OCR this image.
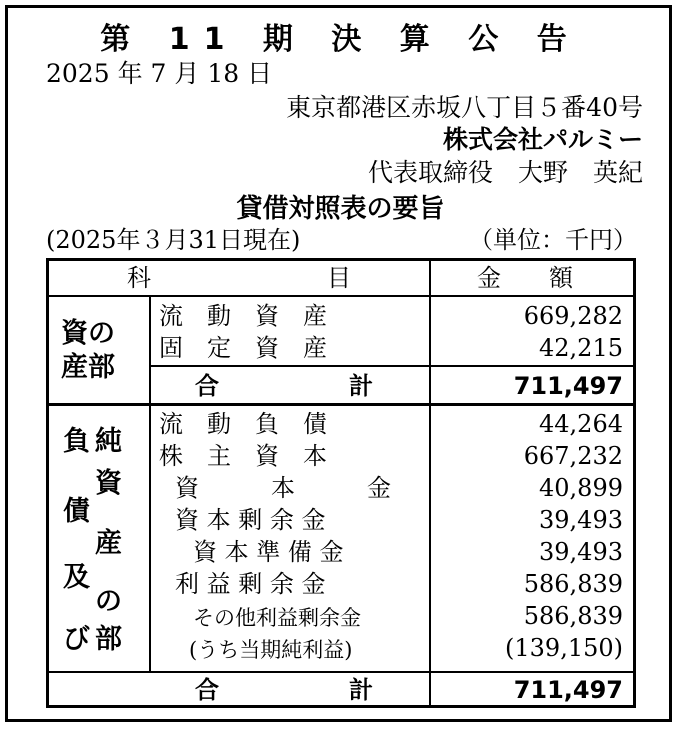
第 11 期 決 算 公 告
2025 年 7 月 18 日
東京都港区赤坂八丁目５番40号
株式会社パルミー
代表取締役　大野　英紀
貸借対照表の要旨
(2025年３月31日現在)	（単位：千円）
科	目	金　　額
資の
産部
流　動　資　産	669,282
固　定　資　産	42,215
合	計	711,497
負 純
資
債
産
及
の
び 部
流　動　負　債	44,264
株　主　資　本	667,232
資　　　本　　　金	40,899
資 本 剰 余 金	39,493
資 本 準 備 金	39,493
利 益 剰 余 金	586,839
その他利益剰余金	586,839
(うち当期純利益)	(139,150)
合	計	711,497
